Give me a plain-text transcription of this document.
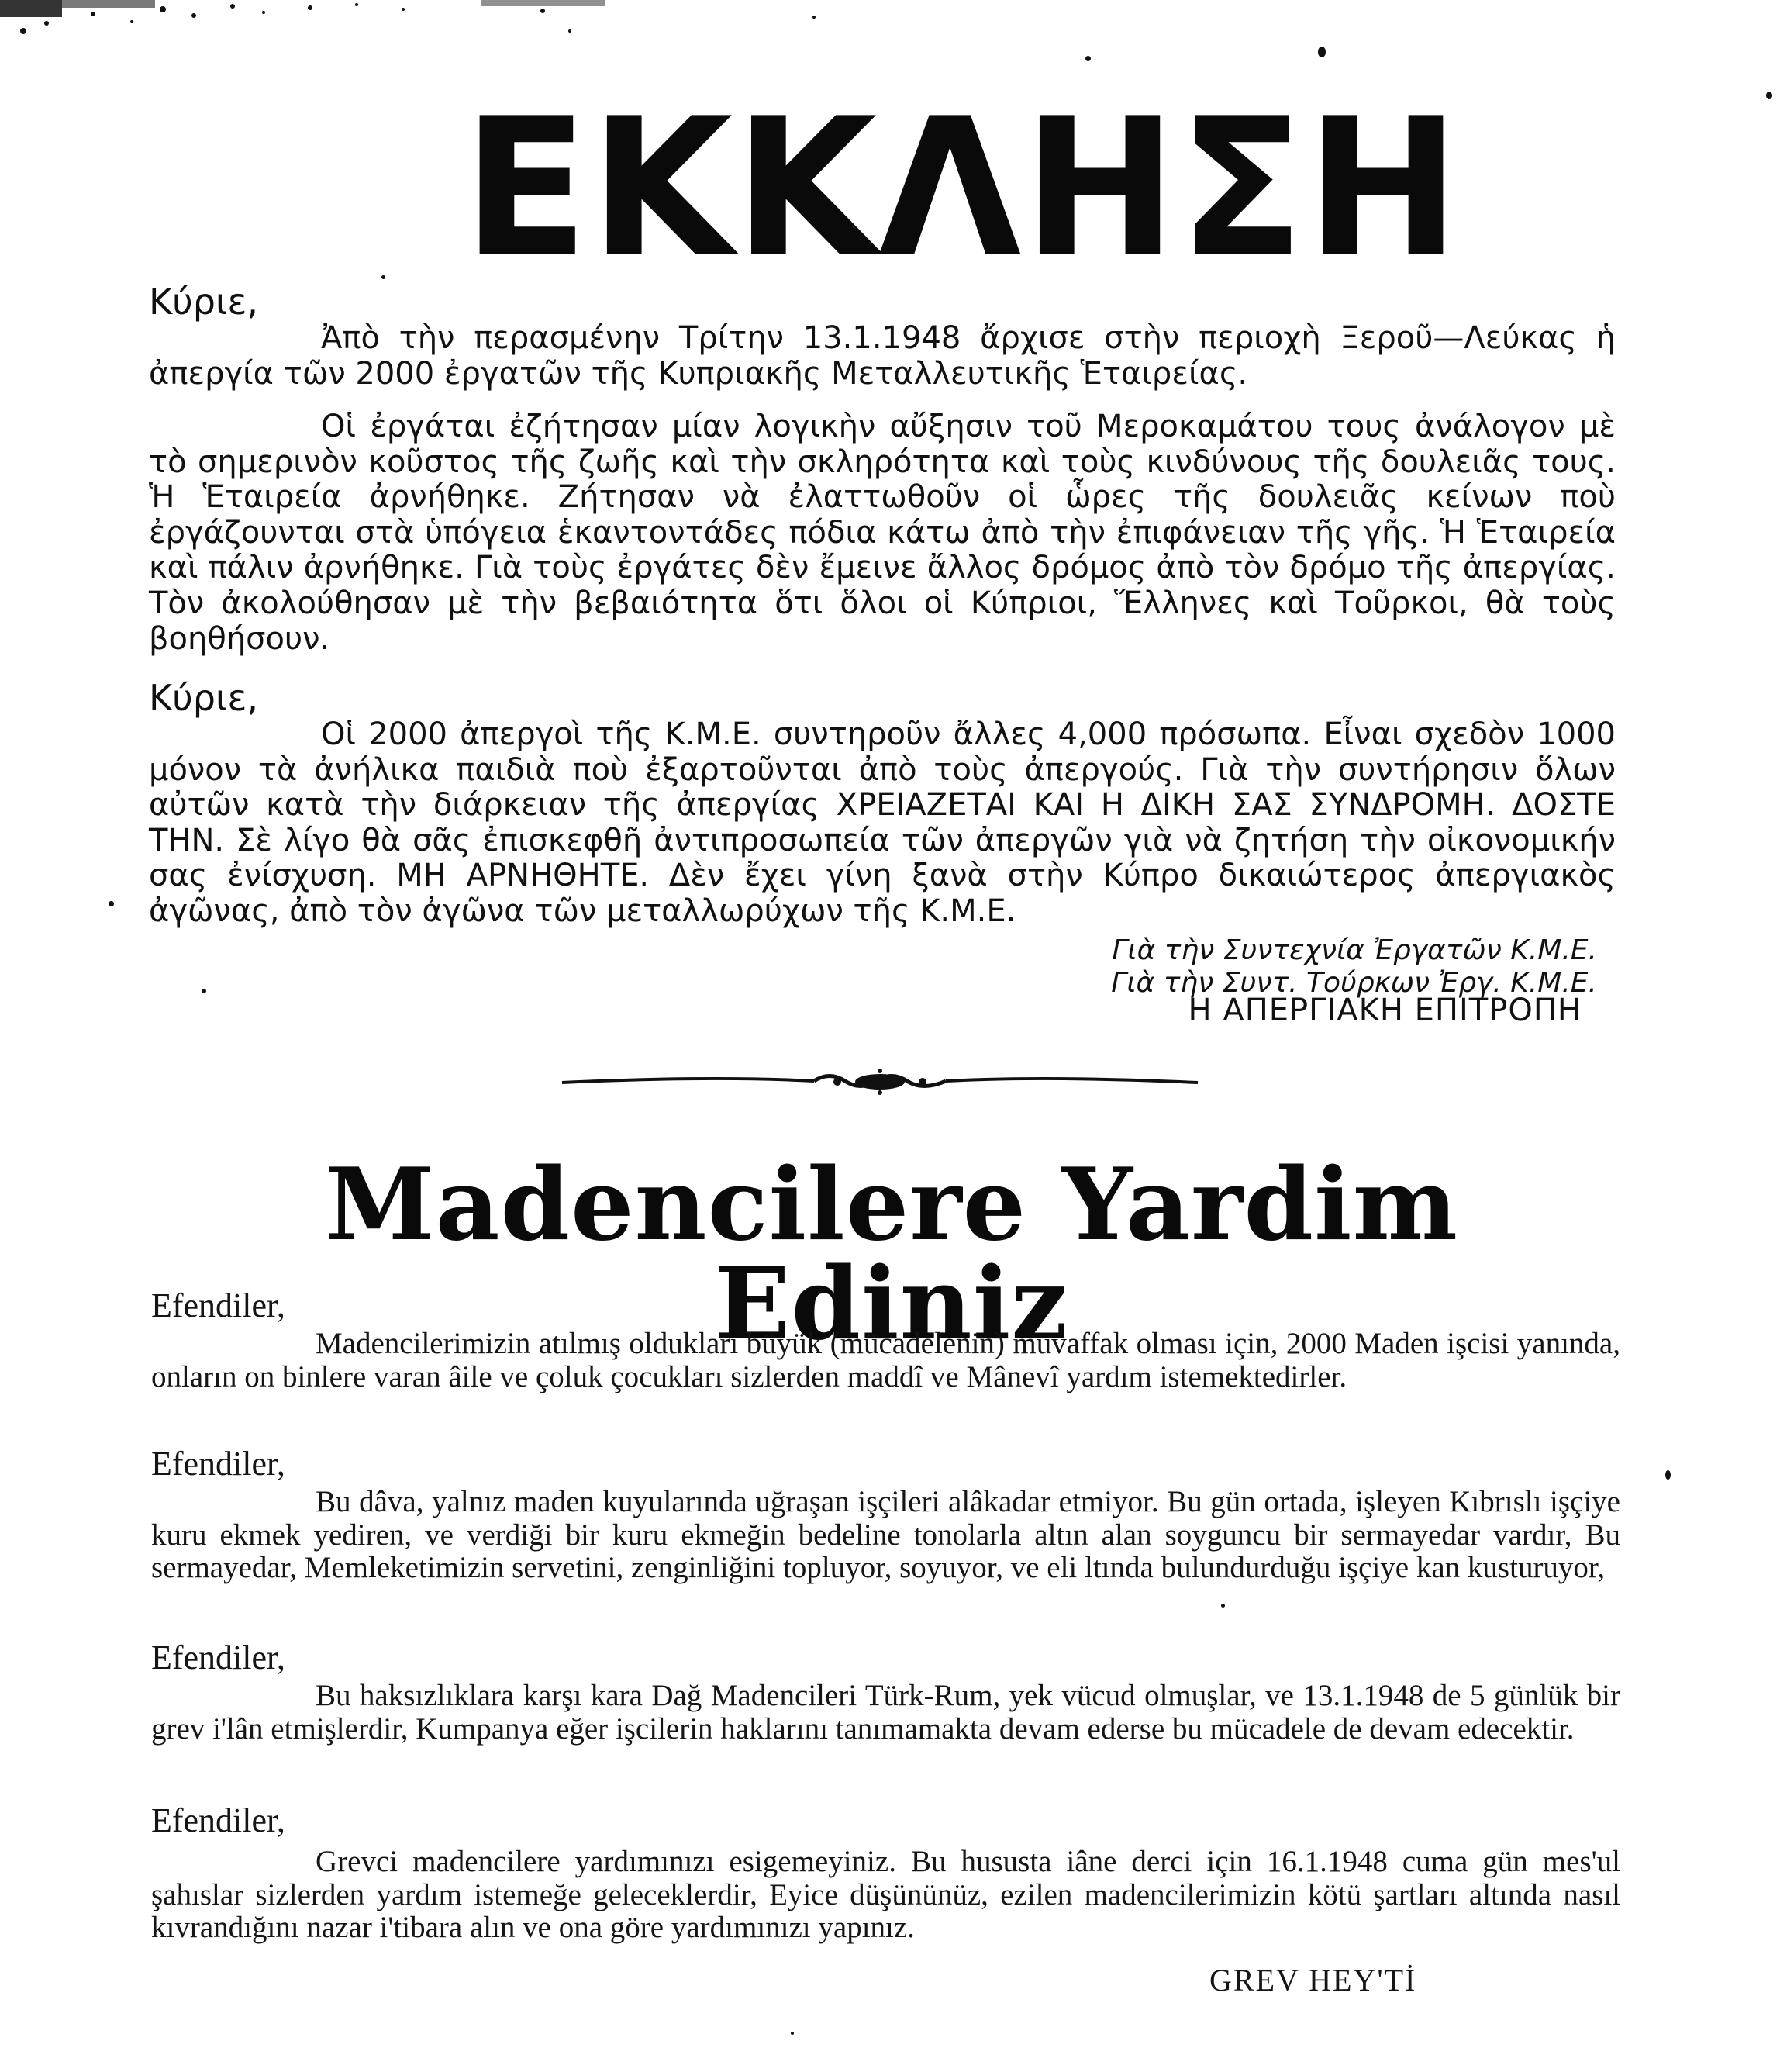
ΕΚΚΛΗΣΗ
Κύριε,

Ἀπὸ τὴν περασμένην Τρίτην 13.1.1948 ἄρχισε στὴν περιοχὴ Ξεροῦ—Λεύκας ἡ ἀπεργία τῶν 2000 ἐργατῶν τῆς Κυπριακῆς Μεταλλευτικῆς Ἑταιρείας.

Οἱ ἐργάται ἐζήτησαν μίαν λογικὴν αὔξησιν τοῦ Μεροκαμάτου τους ἀνάλογον μὲ τὸ σημερινὸν κοῦστος τῆς ζωῆς καὶ τὴν σκληρότητα καὶ τοὺς κινδύνους τῆς δουλειᾶς τους. Ἡ Ἑταιρεία ἀρνήθηκε. Ζήτησαν νὰ ἐλαττωθοῦν οἱ ὧρες τῆς δουλειᾶς κείνων ποὺ ἐργάζουνται στὰ ὑπόγεια ἑκαντοντάδες πόδια κάτω ἀπὸ τὴν ἐπιφάνειαν τῆς γῆς. Ἡ Ἑταιρεία καὶ πάλιν ἀρνήθηκε. Γιὰ τοὺς ἐργάτες δὲν ἔμεινε ἄλλος δρόμος ἀπὸ τὸν δρόμο τῆς ἀπεργίας. Τὸν ἀκολούθησαν μὲ τὴν βεβαιότητα ὅτι ὅλοι οἱ Κύπριοι, Ἕλληνες καὶ Τοῦρκοι, θὰ τοὺς βοηθήσουν.

Κύριε,

Οἱ 2000 ἀπεργοὶ τῆς Κ.Μ.Ε. συντηροῦν ἄλλες 4,000 πρόσωπα. Εἶναι σχεδὸν 1000 μόνον τὰ ἀνήλικα παιδιὰ ποὺ ἐξαρτοῦνται ἀπὸ τοὺς ἀπεργούς. Γιὰ τὴν συντήρησιν ὅλων αὐτῶν κατὰ τὴν διάρκειαν τῆς ἀπεργίας ΧΡΕΙΑΖΕΤΑΙ ΚΑΙ Η ΔΙΚΗ ΣΑΣ ΣΥΝΔΡΟΜΗ. ΔΟΣΤΕ ΤΗΝ. Σὲ λίγο θὰ σᾶς ἐπισκεφθῆ ἀντιπροσωπεία τῶν ἀπεργῶν γιὰ νὰ ζητήση τὴν οἰκονομικήν σας ἐνίσχυση. ΜΗ ΑΡΝΗΘΗΤΕ. Δὲν ἔχει γίνη ξανὰ στὴν Κύπρο δικαιώτερος ἀπεργιακὸς ἀγῶνας, ἀπὸ τὸν ἀγῶνα τῶν μεταλλωρύχων τῆς Κ.Μ.Ε.

Γιὰ τὴν Συντεχνία Ἐργατῶν Κ.Μ.Ε.
Γιὰ τὴν Συντ. Τούρκων Ἐργ. Κ.Μ.Ε.
Η ΑΠΕΡΓΙΑΚΗ ΕΠΙΤΡΟΠΗ
Madencilere Yardim Ediniz
Efendiler,

Madencilerimizin atılmış oldukları büyük (mücadelenin) muvaffak olması için, 2000 Maden işcisi yanında, onların on binlere varan âile ve çoluk çocukları sizlerden maddî ve Mânevî yardım istemektedirler.

Efendiler,

Bu dâva, yalnız maden kuyularında uğraşan işçileri alâkadar etmiyor. Bu gün ortada, işleyen Kıbrıslı işçiye kuru ekmek yediren, ve verdiği bir kuru ekmeğin bedeline tonolarla altın alan soyguncu bir sermayedar vardır, Bu sermayedar, Memleketimizin servetini, zenginliğini topluyor, soyuyor, ve eli ltında bulundurduğu işçiye kan kusturuyor,

Efendiler,

Bu haksızlıklara karşı kara Dağ Madencileri Türk-Rum, yek vücud olmuşlar, ve 13.1.1948 de 5 günlük bir grev i'lân etmişlerdir, Kumpanya eğer işcilerin haklarını tanımamakta devam ederse bu mücadele de devam edecektir.

Efendiler,

Grevci madencilere yardımınızı esigemeyiniz. Bu hususta iâne derci için 16.1.1948 cuma gün mes'ul şahıslar sizlerden yardım istemeğe geleceklerdir, Eyice düşününüz, ezilen madencilerimizin kötü şartları altında nasıl kıvrandığını nazar i'tibara alın ve ona göre yardımınızı yapınız.

GREV HEY'Tİ
